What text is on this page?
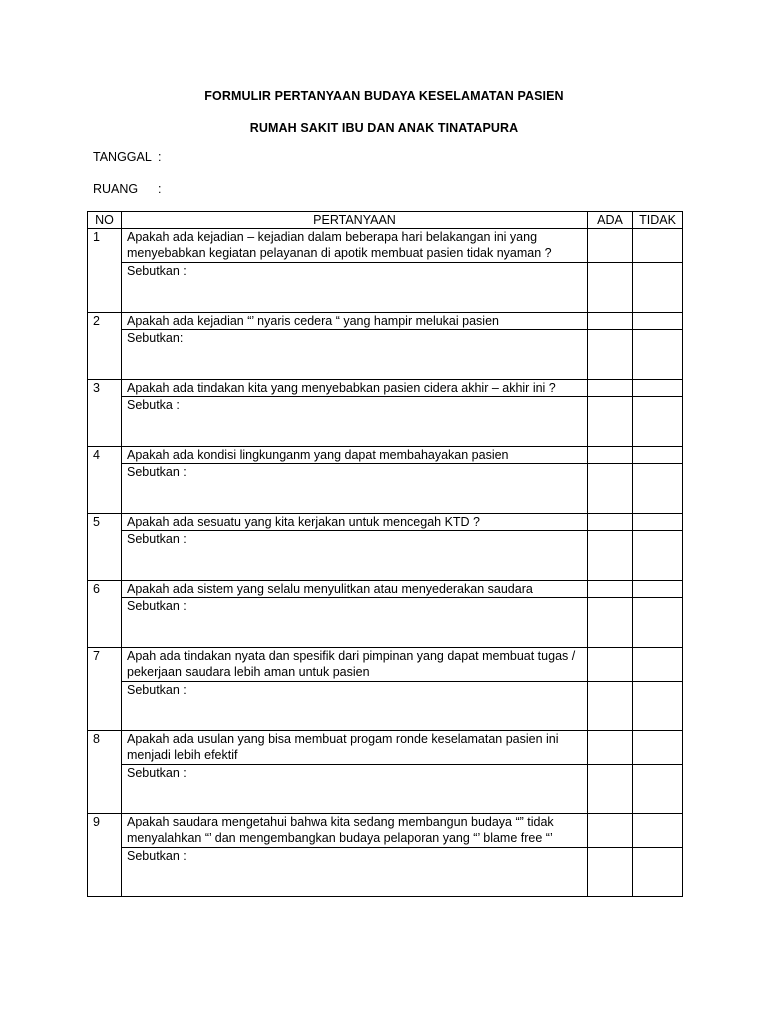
FORMULIR PERTANYAAN BUDAYA KESELAMATAN PASIEN
RUMAH SAKIT IBU DAN ANAK TINATAPURA
TANGGAL :
RUANG :
NO	PERTANYAAN	ADA	TIDAK
1	Apakah ada kejadian – kejadian dalam beberapa hari belakangan ini yang menyebabkan kegiatan pelayanan di apotik membuat pasien tidak nyaman ?		
	Sebutkan :		
2	Apakah ada kejadian “’ nyaris cedera “ yang hampir melukai pasien		
	Sebutkan:		
3	Apakah ada tindakan kita yang menyebabkan pasien cidera akhir – akhir ini ?		
	Sebutka :		
4	Apakah ada kondisi lingkunganm yang dapat membahayakan pasien		
	Sebutkan :		
5	Apakah ada sesuatu yang kita kerjakan untuk mencegah KTD ?		
	Sebutkan :		
6	Apakah ada sistem yang selalu menyulitkan atau menyederakan saudara		
	Sebutkan :		
7	Apah ada tindakan nyata dan spesifik dari pimpinan yang dapat membuat tugas / pekerjaan saudara lebih aman untuk pasien		
	Sebutkan :		
8	Apakah ada usulan yang bisa membuat progam ronde keselamatan pasien ini menjadi lebih efektif		
	Sebutkan :		
9	Apakah saudara mengetahui bahwa kita sedang membangun budaya “” tidak menyalahkan “’ dan mengembangkan budaya pelaporan yang “’ blame free “’		
	Sebutkan :		
